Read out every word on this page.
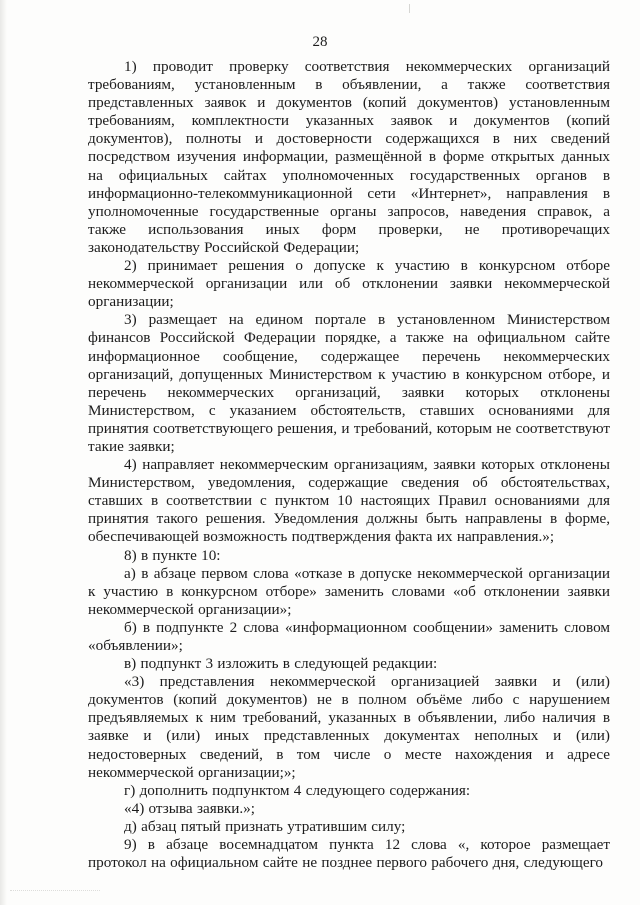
28

1) проводит проверку соответствия некоммерческих организаций требованиям, установленным в объявлении, а также соответствия представленных заявок и документов (копий документов) установленным требованиям, комплектности указанных заявок и документов (копий документов), полноты и достоверности содержащихся в них сведений посредством изучения информации, размещённой в форме открытых данных на официальных сайтах уполномоченных государственных органов в информационно-телекоммуникационной сети «Интернет», направления в уполномоченные государственные органы запросов, наведения справок, а также использования иных форм проверки, не противоречащих законодательству Российской Федерации;

2) принимает решения о допуске к участию в конкурсном отборе некоммерческой организации или об отклонении заявки некоммерческой организации;

3) размещает на едином портале в установленном Министерством финансов Российской Федерации порядке, а также на официальном сайте информационное сообщение, содержащее перечень некоммерческих организаций, допущенных Министерством к участию в конкурсном отборе, и перечень некоммерческих организаций, заявки которых отклонены Министерством, с указанием обстоятельств, ставших основаниями для принятия соответствующего решения, и требований, которым не соответствуют такие заявки;

4) направляет некоммерческим организациям, заявки которых отклонены Министерством, уведомления, содержащие сведения об обстоятельствах, ставших в соответствии с пунктом 10 настоящих Правил основаниями для принятия такого решения. Уведомления должны быть направлены в форме, обеспечивающей возможность подтверждения факта их направления.»;

8) в пункте 10:

а) в абзаце первом слова «отказе в допуске некоммерческой организации к участию в конкурсном отборе» заменить словами «об отклонении заявки некоммерческой организации»;

б) в подпункте 2 слова «информационном сообщении» заменить словом «объявлении»;

в) подпункт 3 изложить в следующей редакции:

«3) представления некоммерческой организацией заявки и (или) документов (копий документов) не в полном объёме либо с нарушением предъявляемых к ним требований, указанных в объявлении, либо наличия в заявке и (или) иных представленных документах неполных и (или) недостоверных сведений, в том числе о месте нахождения и адресе некоммерческой организации;»;

г) дополнить подпунктом 4 следующего содержания:

«4) отзыва заявки.»;

д) абзац пятый признать утратившим силу;

9) в абзаце восемнадцатом пункта 12 слова «, которое размещает протокол на официальном сайте не позднее первого рабочего дня, следующего
